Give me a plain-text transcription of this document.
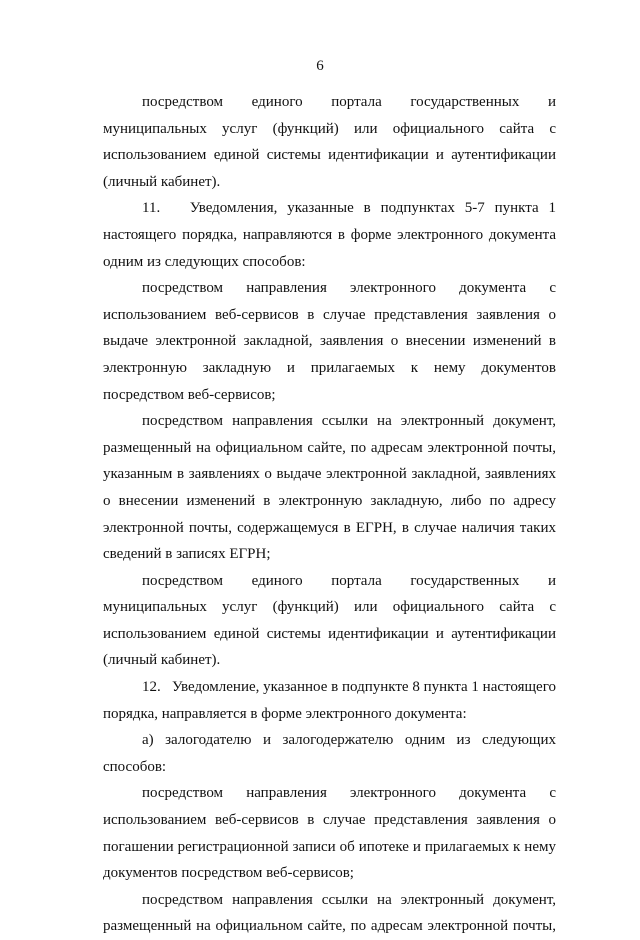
6

посредством единого портала государственных и муниципальных услуг (функций) или официального сайта с использованием единой системы идентификации и аутентификации (личный кабинет).

11.   Уведомления, указанные в подпунктах 5-7 пункта 1 настоящего порядка, направляются в форме электронного документа одним из следующих способов:

посредством направления электронного документа с использованием веб-сервисов в случае представления заявления о выдаче электронной закладной, заявления о внесении изменений в электронную закладную и прилагаемых к нему документов посредством веб-сервисов;

посредством направления ссылки на электронный документ, размещенный на официальном сайте, по адресам электронной почты, указанным в заявлениях о выдаче электронной закладной, заявлениях о внесении изменений в электронную закладную, либо по адресу электронной почты, содержащемуся в ЕГРН, в случае наличия таких сведений в записях ЕГРН;

посредством единого портала государственных и муниципальных услуг (функций) или официального сайта с использованием единой системы идентификации и аутентификации (личный кабинет).

12.   Уведомление, указанное в подпункте 8 пункта 1 настоящего порядка, направляется в форме электронного документа:

а) залогодателю и залогодержателю одним из следующих способов:

посредством направления электронного документа с использованием веб-сервисов в случае представления заявления о погашении регистрационной записи об ипотеке и прилагаемых к нему документов посредством веб-сервисов;

посредством направления ссылки на электронный документ, размещенный на официальном сайте, по адресам электронной почты,
